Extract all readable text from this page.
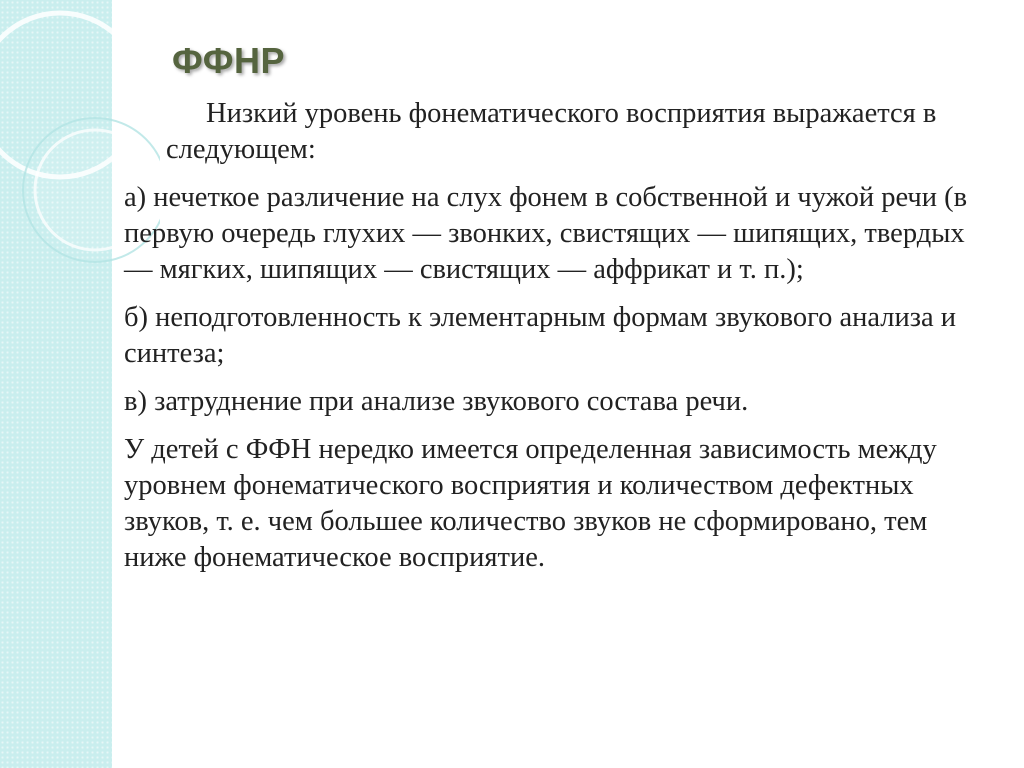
ФФНР

Низкий уровень фонематического восприятия выражается в следующем:

а) нечеткое различение на слух фонем в собственной и чужой речи (в первую очередь глухих — звонких, свистящих — шипящих, твердых — мягких, шипящих — свистящих — аффрикат и т. п.);

б) неподготовленность к элементарным формам звукового анализа и синтеза;

в) затруднение при анализе звукового состава речи.

У детей с ФФН нередко имеется определенная зависимость между уровнем фонематического восприятия и количеством дефектных звуков, т. е. чем большее количество звуков не сформировано, тем ниже фонематическое восприятие.
